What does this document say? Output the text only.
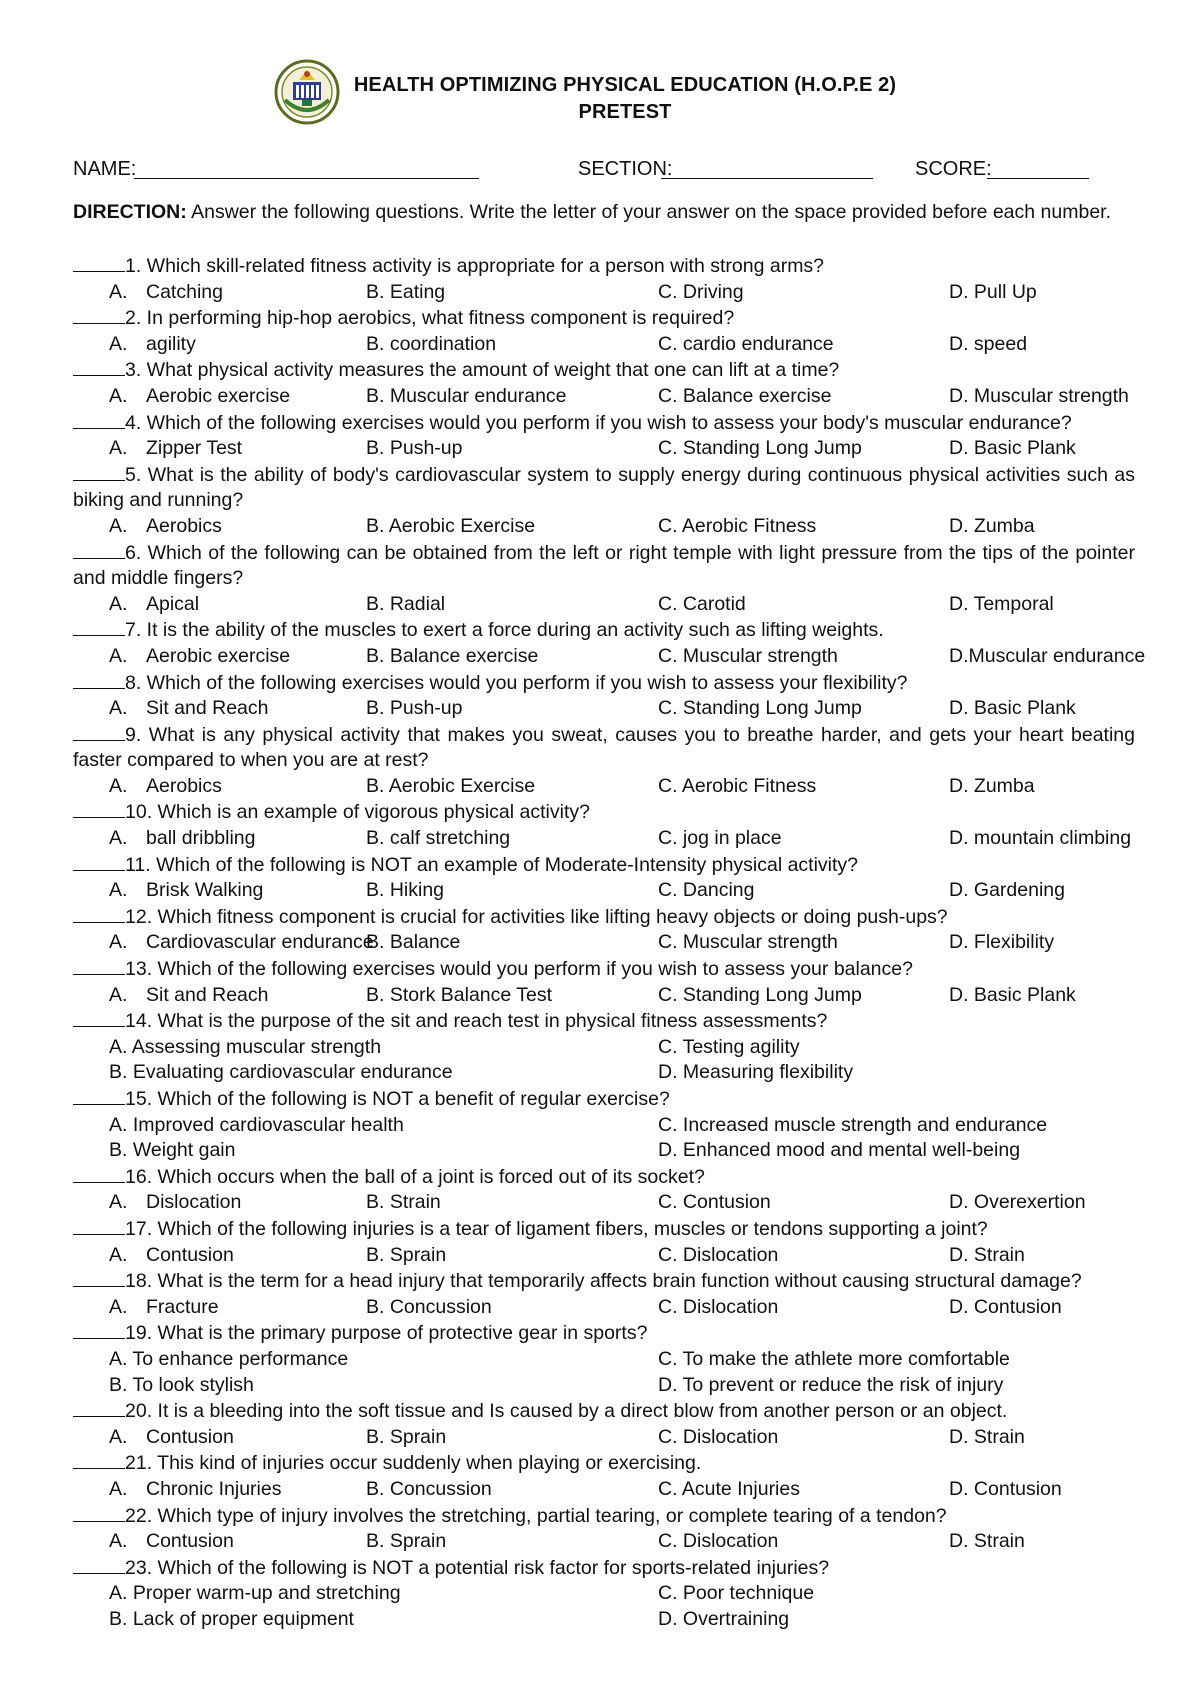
HEALTH OPTIMIZING PHYSICAL EDUCATION (H.O.P.E 2)
PRETEST
NAME:	SECTION:	SCORE:
DIRECTION: Answer the following questions. Write the letter of your answer on the space provided before each number.
1. Which skill-related fitness activity is appropriate for a person with strong arms?
A. Catching	B. Eating	C. Driving	D. Pull Up
2. In performing hip-hop aerobics, what fitness component is required?
A. agility	B. coordination	C. cardio endurance	D. speed
3. What physical activity measures the amount of weight that one can lift at a time?
A. Aerobic exercise	B. Muscular endurance	C. Balance exercise	D. Muscular strength
4. Which of the following exercises would you perform if you wish to assess your body's muscular endurance?
A. Zipper Test	B. Push-up	C. Standing Long Jump	D. Basic Plank
5. What is the ability of body's cardiovascular system to supply energy during continuous physical activities such as biking and running?
A. Aerobics	B. Aerobic Exercise	C. Aerobic Fitness	D. Zumba
6. Which of the following can be obtained from the left or right temple with light pressure from the tips of the pointer and middle fingers?
A. Apical	B. Radial	C. Carotid	D. Temporal
7. It is the ability of the muscles to exert a force during an activity such as lifting weights.
A. Aerobic exercise	B. Balance exercise	C. Muscular strength	D.Muscular endurance
8. Which of the following exercises would you perform if you wish to assess your flexibility?
A. Sit and Reach	B. Push-up	C. Standing Long Jump	D. Basic Plank
9. What is any physical activity that makes you sweat, causes you to breathe harder, and gets your heart beating faster compared to when you are at rest?
A. Aerobics	B. Aerobic Exercise	C. Aerobic Fitness	D. Zumba
10. Which is an example of vigorous physical activity?
A. ball dribbling	B. calf stretching	C. jog in place	D. mountain climbing
11. Which of the following is NOT an example of Moderate-Intensity physical activity?
A. Brisk Walking	B. Hiking	C. Dancing	D. Gardening
12. Which fitness component is crucial for activities like lifting heavy objects or doing push-ups?
A. Cardiovascular endurance
B. Balance	C. Muscular strength	D. Flexibility
13. Which of the following exercises would you perform if you wish to assess your balance?
A. Sit and Reach	B. Stork Balance Test	C. Standing Long Jump	D. Basic Plank
14. What is the purpose of the sit and reach test in physical fitness assessments?
A. Assessing muscular strength	C. Testing agility
B. Evaluating cardiovascular endurance	D. Measuring flexibility
15. Which of the following is NOT a benefit of regular exercise?
A. Improved cardiovascular health	C. Increased muscle strength and endurance
B. Weight gain	D. Enhanced mood and mental well-being
16. Which occurs when the ball of a joint is forced out of its socket?
A. Dislocation	B. Strain	C. Contusion	D. Overexertion
17. Which of the following injuries is a tear of ligament fibers, muscles or tendons supporting a joint?
A. Contusion	B. Sprain	C. Dislocation	D. Strain
18. What is the term for a head injury that temporarily affects brain function without causing structural damage?
A. Fracture	B. Concussion	C. Dislocation	D. Contusion
19. What is the primary purpose of protective gear in sports?
A. To enhance performance	C. To make the athlete more comfortable
B. To look stylish	D. To prevent or reduce the risk of injury
20. It is a bleeding into the soft tissue and Is caused by a direct blow from another person or an object.
A. Contusion	B. Sprain	C. Dislocation	D. Strain
21. This kind of injuries occur suddenly when playing or exercising.
A. Chronic Injuries	B. Concussion	C. Acute Injuries	D. Contusion
22. Which type of injury involves the stretching, partial tearing, or complete tearing of a tendon?
A. Contusion	B. Sprain	C. Dislocation	D. Strain
23. Which of the following is NOT a potential risk factor for sports-related injuries?
A. Proper warm-up and stretching	C. Poor technique
B. Lack of proper equipment	D. Overtraining
